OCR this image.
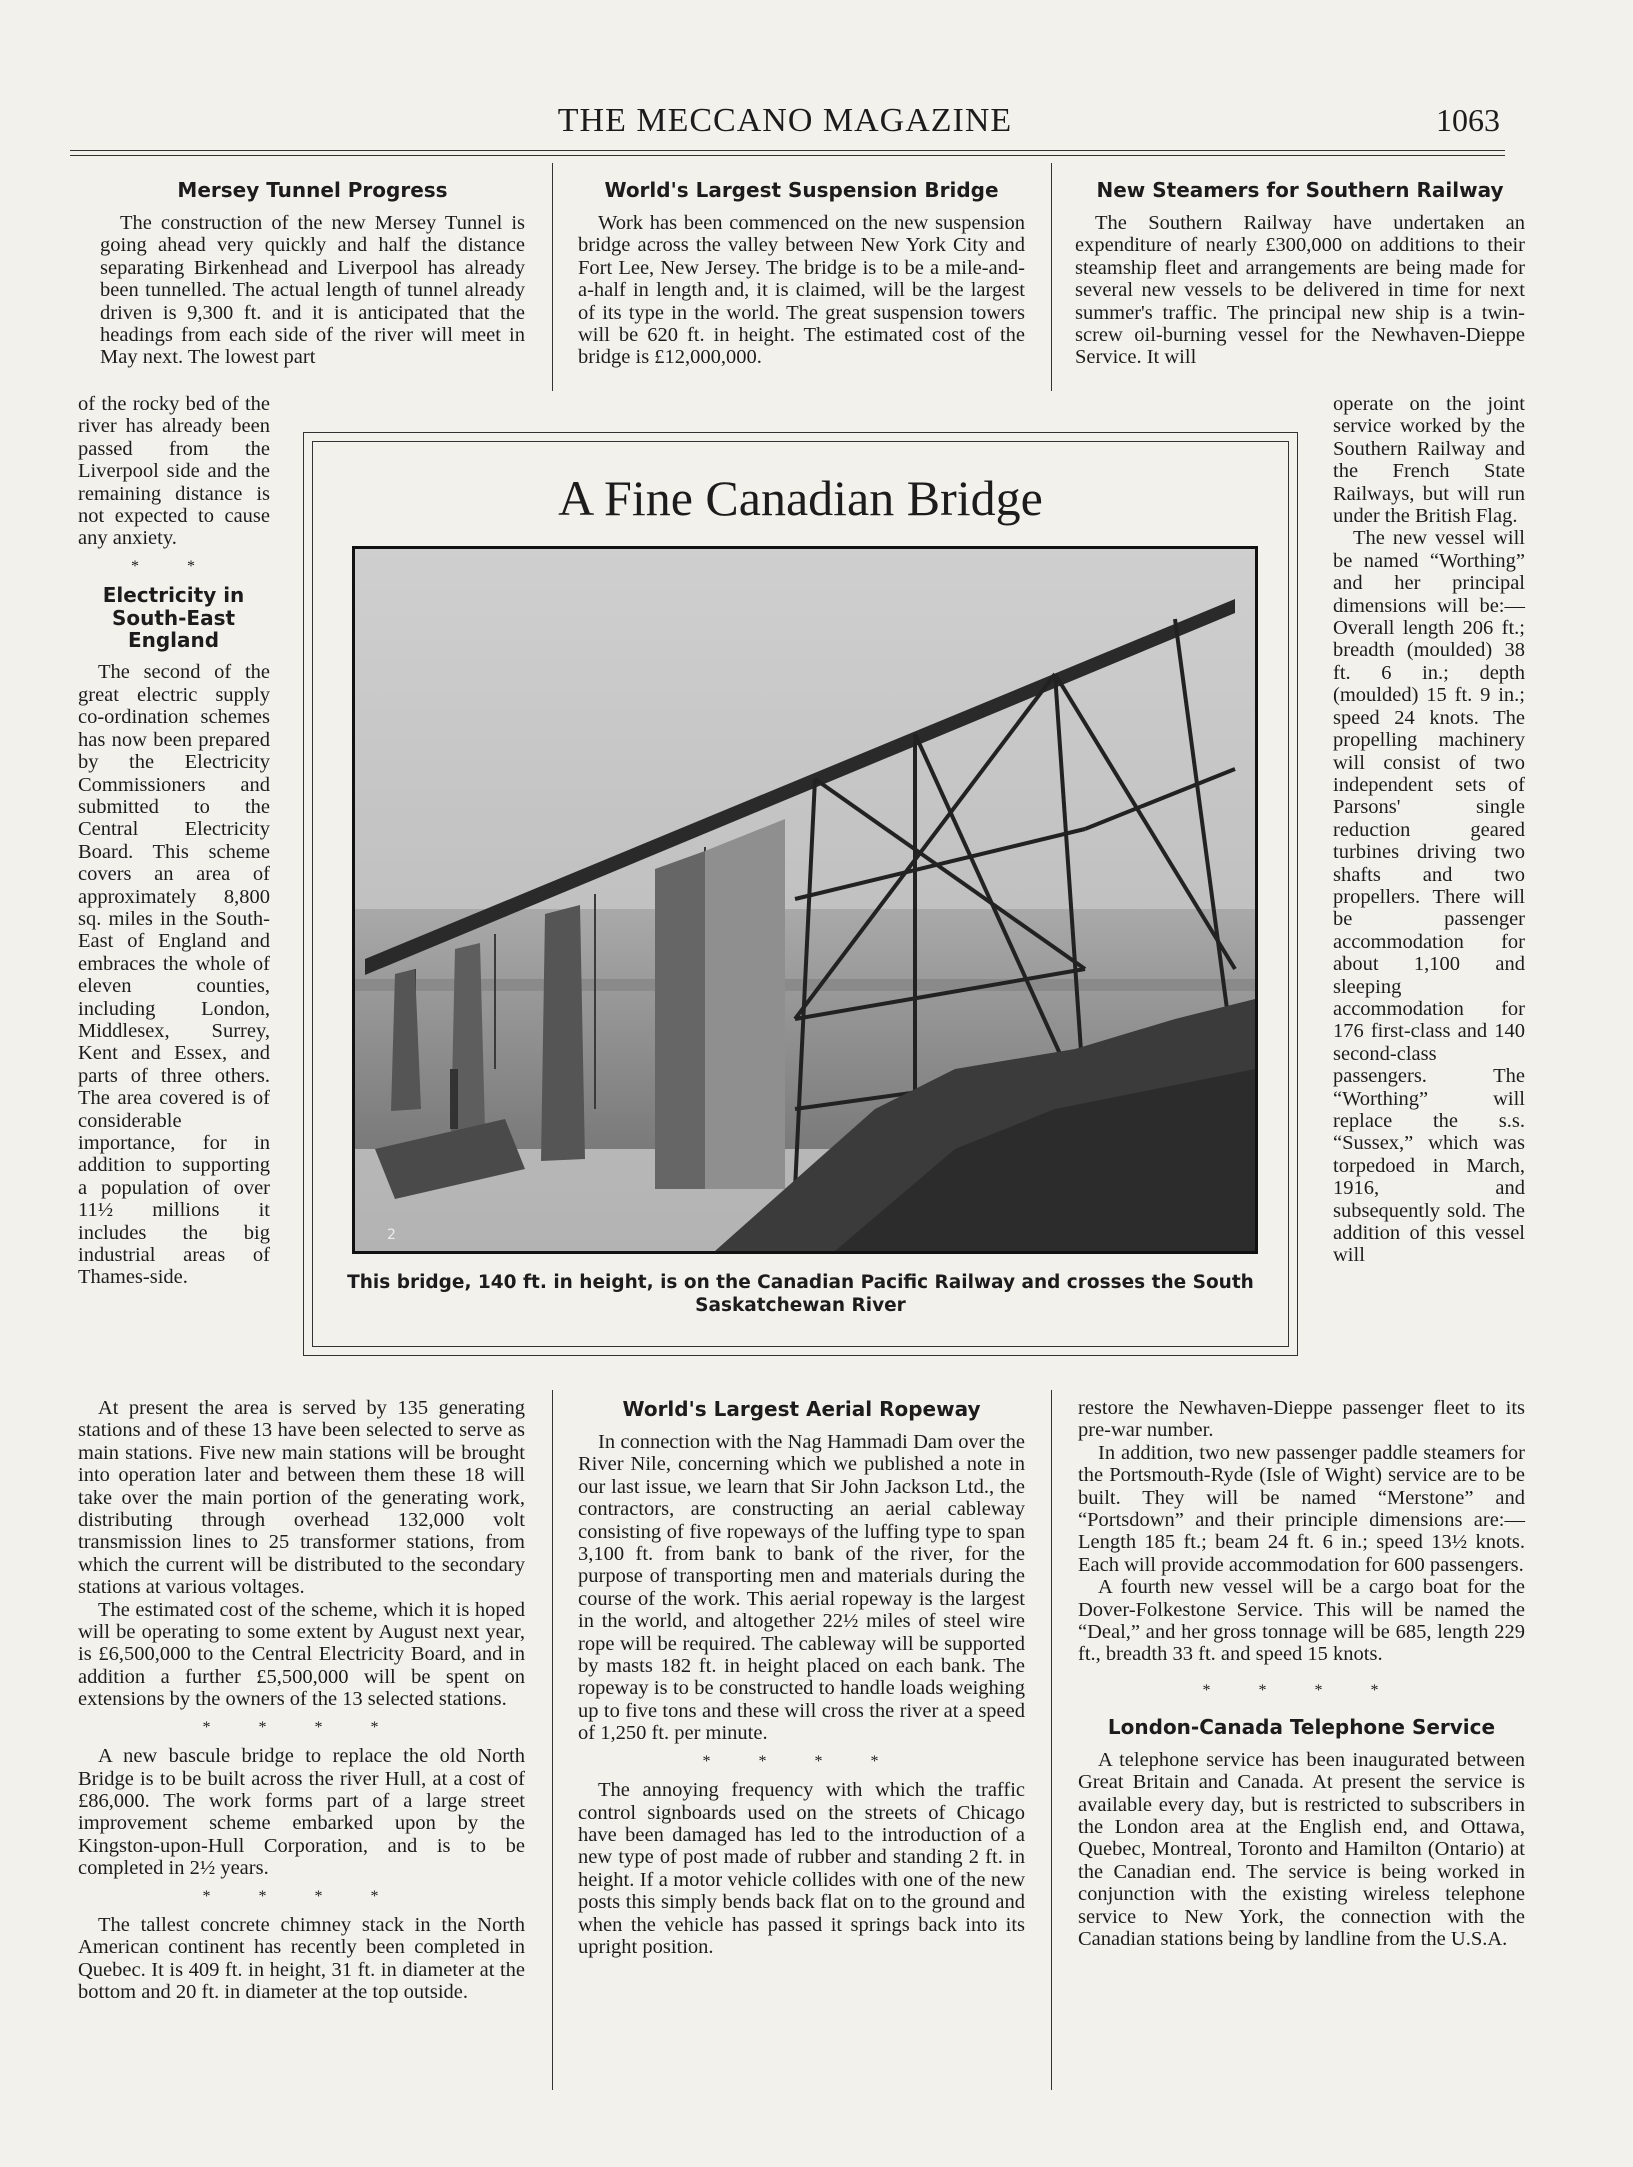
THE MECCANO MAGAZINE	1063
Mersey Tunnel Progress

The construction of the new Mersey Tunnel is going ahead very quickly and half the distance separating Birkenhead and Liverpool has already been tunnelled. The actual length of tunnel already driven is 9,300 ft. and it is anticipated that the headings from each side of the river will meet in May next. The lowest part

of the rocky bed of the river has already been passed from the Liverpool side and the remaining distance is not expected to cause any anxiety.
* *
Electricity in South-East England

The second of the great electric supply co-ordination schemes has now been prepared by the Electricity Commissioners and submitted to the Central Electricity Board. This scheme covers an area of approximately 8,800 sq. miles in the South-East of England and embraces the whole of eleven counties, including London, Middlesex, Surrey, Kent and Essex, and parts of three others. The area covered is of considerable importance, for in addition to supporting a population of over 11½ millions it includes the big industrial areas of Thames-side.

At present the area is served by 135 generating stations and of these 13 have been selected to serve as main stations. Five new main stations will be brought into operation later and between them these 18 will take over the main portion of the generating work, distributing through overhead 132,000 volt transmission lines to 25 transformer stations, from which the current will be distributed to the secondary stations at various voltages.

The estimated cost of the scheme, which it is hoped will be operating to some extent by August next year, is £6,500,000 to the Central Electricity Board, and in addition a further £5,500,000 will be spent on extensions by the owners of the 13 selected stations.

* * * *

A new bascule bridge to replace the old North Bridge is to be built across the river Hull, at a cost of £86,000. The work forms part of a large street improvement scheme embarked upon by the Kingston-upon-Hull Corporation, and is to be completed in 2½ years.

* * * *

The tallest concrete chimney stack in the North American continent has recently been completed in Quebec. It is 409 ft. in height, 31 ft. in diameter at the bottom and 20 ft. in diameter at the top outside.

World's Largest Suspension Bridge

Work has been commenced on the new suspension bridge across the valley between New York City and Fort Lee, New Jersey. The bridge is to be a mile-and-a-half in length and, it is claimed, will be the largest of its type in the world. The great suspension towers will be 620 ft. in height. The estimated cost of the bridge is £12,000,000.

World's Largest Aerial Ropeway

In connection with the Nag Hammadi Dam over the River Nile, concerning which we published a note in our last issue, we learn that Sir John Jackson Ltd., the contractors, are constructing an aerial cableway consisting of five ropeways of the luffing type to span 3,100 ft. from bank to bank of the river, for the purpose of transporting men and materials during the course of the work. This aerial ropeway is the largest in the world, and altogether 22½ miles of steel wire rope will be required. The cableway will be supported by masts 182 ft. in height placed on each bank. The ropeway is to be constructed to handle loads weighing up to five tons and these will cross the river at a speed of 1,250 ft. per minute.

* * * *

The annoying frequency with which the traffic control signboards used on the streets of Chicago have been damaged has led to the introduction of a new type of post made of rubber and standing 2 ft. in height. If a motor vehicle collides with one of the new posts this simply bends back flat on to the ground and when the vehicle has passed it springs back into its upright position.

New Steamers for Southern Railway

The Southern Railway have undertaken an expenditure of nearly £300,000 on additions to their steamship fleet and arrangements are being made for several new vessels to be delivered in time for next summer's traffic. The principal new ship is a twin-screw oil-burning vessel for the Newhaven-Dieppe Service. It will

operate on the joint service worked by the Southern Railway and the French State Railways, but will run under the British Flag.

The new vessel will be named “Worthing” and her principal dimensions will be:—Overall length 206 ft.; breadth (moulded) 38 ft. 6 in.; depth (moulded) 15 ft. 9 in.; speed 24 knots. The propelling machinery will consist of two independent sets of Parsons' single reduction geared turbines driving two shafts and two propellers. There will be passenger accommodation for about 1,100 and sleeping accommodation for 176 first-class and 140 second-class passengers. The “Worthing” will replace the s.s. “Sussex,” which was torpedoed in March, 1916, and subsequently sold. The addition of this vessel will

restore the Newhaven-Dieppe passenger fleet to its pre-war number.

In addition, two new passenger paddle steamers for the Portsmouth-Ryde (Isle of Wight) service are to be built. They will be named “Merstone” and “Portsdown” and their principle dimensions are:—Length 185 ft.; beam 24 ft. 6 in.; speed 13½ knots. Each will provide accommodation for 600 passengers.

A fourth new vessel will be a cargo boat for the Dover-Folkestone Service. This will be named the “Deal,” and her gross tonnage will be 685, length 229 ft., breadth 33 ft. and speed 15 knots.

* * * *
London-Canada Telephone Service

A telephone service has been inaugurated between Great Britain and Canada. At present the service is available every day, but is restricted to subscribers in the London area at the English end, and Ottawa, Quebec, Montreal, Toronto and Hamilton (Ontario) at the Canadian end. The service is being worked in conjunction with the existing wireless telephone service to New York, the connection with the Canadian stations being by landline from the U.S.A.

A Fine Canadian Bridge
2
This bridge, 140 ft. in height, is on the Canadian Pacific Railway and crosses the South Saskatchewan River
